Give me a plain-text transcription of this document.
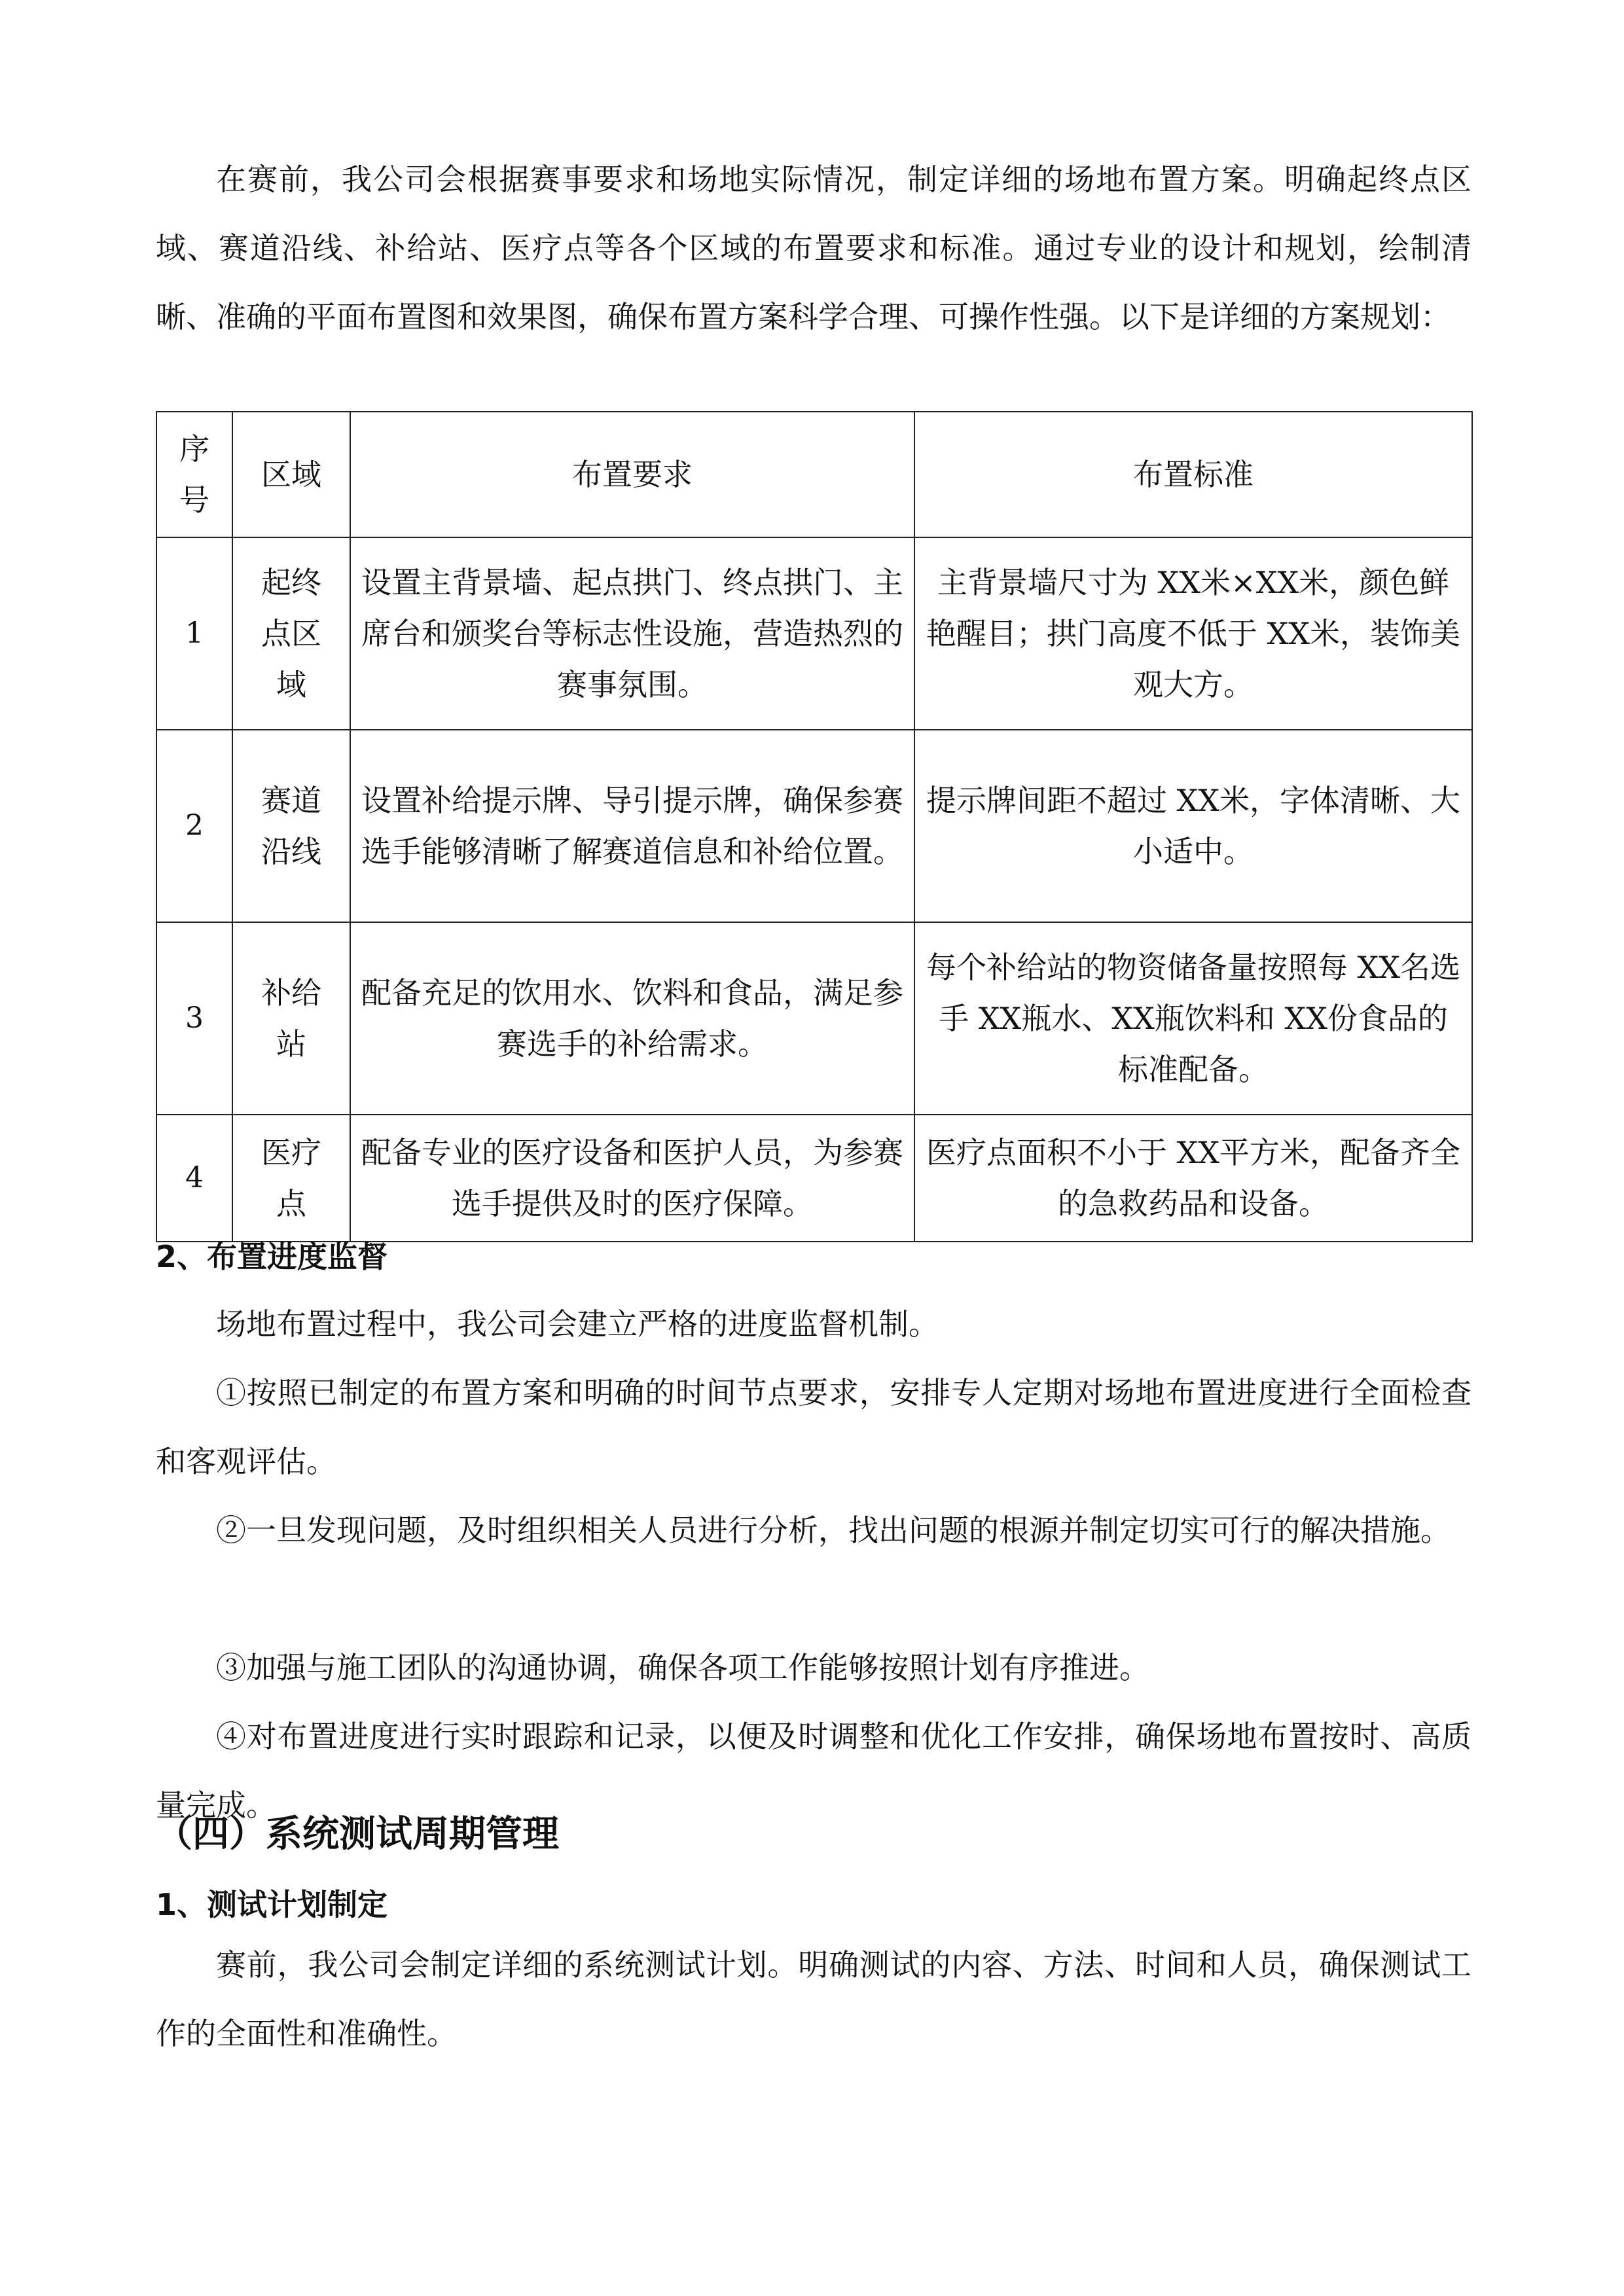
在赛前，我公司会根据赛事要求和场地实际情况，制定详细的场地布置方案。明确起终点区域、赛道沿线、补给站、医疗点等各个区域的布置要求和标准。通过专业的设计和规划，绘制清晰、准确的平面布置图和效果图，确保布置方案科学合理、可操作性强。以下是详细的方案规划：

序号	区域	布置要求	布置标准
1	起终点区域	设置主背景墙、起点拱门、终点拱门、主席台和颁奖台等标志性设施，营造热烈的赛事氛围。	主背景墙尺寸为 XX米×XX米，颜色鲜艳醒目；拱门高度不低于 XX米，装饰美观大方。
2	赛道沿线	设置补给提示牌、导引提示牌，确保参赛选手能够清晰了解赛道信息和补给位置。	提示牌间距不超过 XX米，字体清晰、大小适中。
3	补给站	配备充足的饮用水、饮料和食品，满足参赛选手的补给需求。	每个补给站的物资储备量按照每 XX名选手 XX瓶水、XX瓶饮料和 XX份食品的标准配备。
4	医疗点	配备专业的医疗设备和医护人员，为参赛选手提供及时的医疗保障。	医疗点面积不小于 XX平方米，配备齐全的急救药品和设备。
2、布置进度监督

场地布置过程中，我公司会建立严格的进度监督机制。

①按照已制定的布置方案和明确的时间节点要求，安排专人定期对场地布置进度进行全面检查和客观评估。

②一旦发现问题，及时组织相关人员进行分析，找出问题的根源并制定切实可行的解决措施。

③加强与施工团队的沟通协调，确保各项工作能够按照计划有序推进。

④对布置进度进行实时跟踪和记录，以便及时调整和优化工作安排，确保场地布置按时、高质量完成。

（四）系统测试周期管理
1、测试计划制定

赛前，我公司会制定详细的系统测试计划。明确测试的内容、方法、时间和人员，确保测试工作的全面性和准确性。
